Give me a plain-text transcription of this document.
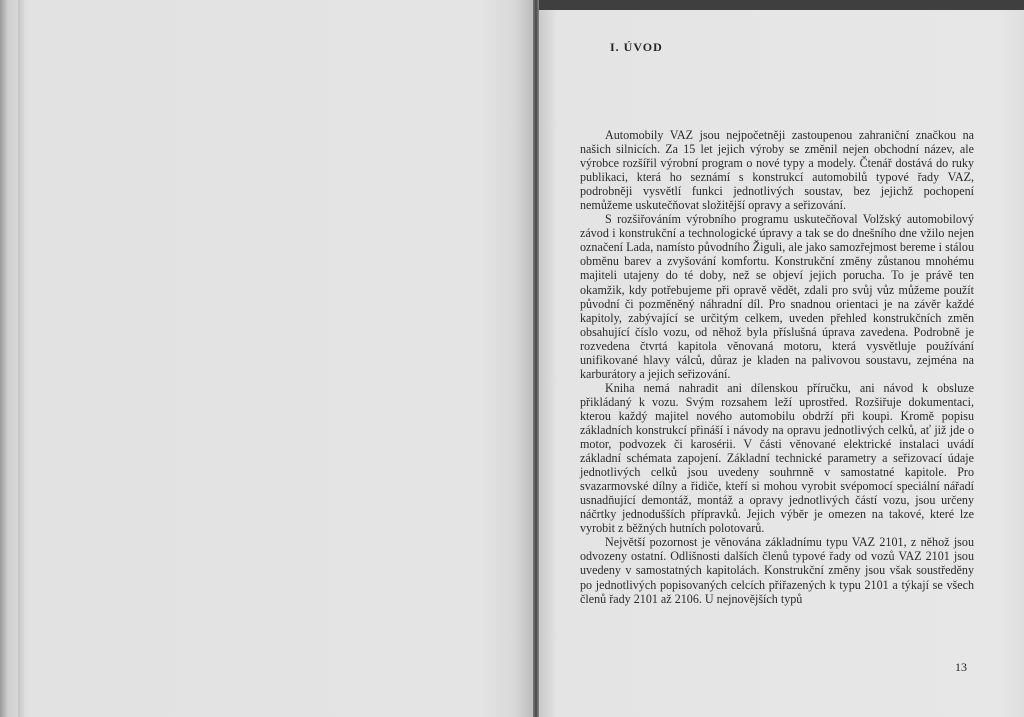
I. ÚVOD

Automobily VAZ jsou nejpočetněji zastoupenou zahraniční značkou na našich silnicích. Za 15 let jejich výroby se změnil nejen obchodní název, ale výrobce rozšířil výrobní program o nové typy a modely. Čtenář dostává do ruky publikaci, která ho seznámí s konstrukcí automobilů typové řady VAZ, podrobněji vysvětlí funkci jednotlivých soustav, bez jejichž pochopení nemůžeme uskutečňovat složitější opravy a seřizování.

S rozšiřováním výrobního programu uskutečňoval Volžský automobilový závod i konstrukční a technologické úpravy a tak se do dnešního dne vžilo nejen označení Lada, namísto původního Žiguli, ale jako samozřejmost bereme i stálou obměnu barev a zvyšování komfortu. Konstrukční změny zůstanou mnohému majiteli utajeny do té doby, než se objeví jejich porucha. To je právě ten okamžik, kdy potřebujeme při opravě vědět, zdali pro svůj vůz můžeme použít původní či pozměněný náhradní díl. Pro snadnou orientaci je na závěr každé kapitoly, zabývající se určitým celkem, uveden přehled konstrukčních změn obsahující číslo vozu, od něhož byla příslušná úprava zavedena. Podrobně je rozvedena čtvrtá kapitola věnovaná motoru, která vysvětluje používání unifikované hlavy válců, důraz je kladen na palivovou soustavu, zejména na karburátory a jejich seřizování.

Kniha nemá nahradit ani dílenskou příručku, ani návod k obsluze přikládaný k vozu. Svým rozsahem leží uprostřed. Rozšiřuje dokumentaci, kterou každý majitel nového automobilu obdrží při koupi. Kromě popisu základních konstrukcí přináší i návody na opravu jednotlivých celků, ať již jde o motor, podvozek či karosérii. V části věnované elektrické instalaci uvádí základní schémata zapojení. Základní technické parametry a seřizovací údaje jednotlivých celků jsou uvedeny souhrnně v samostatné kapitole. Pro svazarmovské dílny a řidiče, kteří si mohou vyrobit svépomocí speciální nářadí usnadňující demontáž, montáž a opravy jednotlivých částí vozu, jsou určeny náčrtky jednodušších přípravků. Jejich výběr je omezen na takové, které lze vyrobit z běžných hutních polotovarů.

Největší pozornost je věnována základnímu typu VAZ 2101, z něhož jsou odvozeny ostatní. Odlišnosti dalších členů typové řady od vozů VAZ 2101 jsou uvedeny v samostatných kapitolách. Konstrukční změny jsou však soustředěny po jednotlivých popisovaných celcích přiřazených k typu 2101 a týkají se všech členů řady 2101 až 2106. U nejnovějších typů

13
